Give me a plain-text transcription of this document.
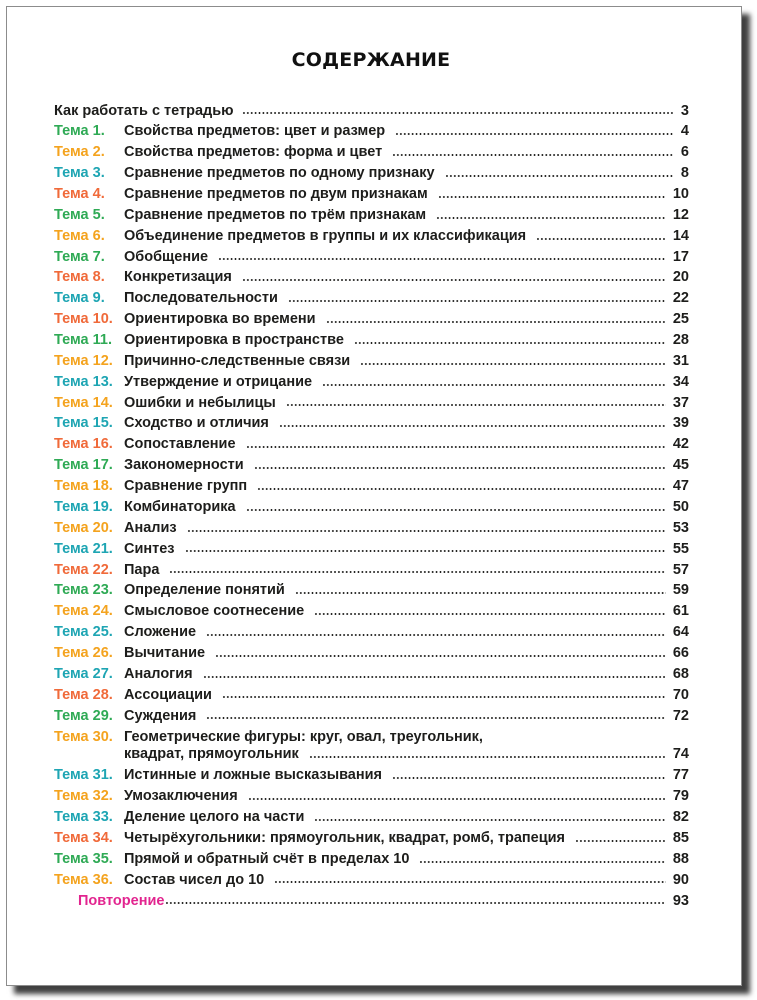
СОДЕРЖАНИЕ
Как работать с тетрадью	3
Тема 1.	Свойства предметов: цвет и размер	4
Тема 2.	Свойства предметов: форма и цвет	6
Тема 3.	Сравнение предметов по одному признаку	8
Тема 4.	Сравнение предметов по двум признакам	10
Тема 5.	Сравнение предметов по трём признакам	12
Тема 6.	Объединение предметов в группы и их классификация	14
Тема 7.	Обобщение	17
Тема 8.	Конкретизация	20
Тема 9.	Последовательности	22
Тема 10. Ориентировка во времени	25
Тема 11. Ориентировка в пространстве	28
Тема 12. Причинно-следственные связи	31
Тема 13. Утверждение и отрицание	34
Тема 14. Ошибки и небылицы	37
Тема 15. Сходство и отличия	39
Тема 16. Сопоставление	42
Тема 17. Закономерности	45
Тема 18. Сравнение групп	47
Тема 19. Комбинаторика	50
Тема 20. Анализ	53
Тема 21. Синтез	55
Тема 22. Пара	57
Тема 23. Определение понятий	59
Тема 24. Смысловое соотнесение	61
Тема 25. Сложение	64
Тема 26. Вычитание	66
Тема 27. Аналогия	68
Тема 28. Ассоциации	70
Тема 29. Суждения	72
Тема 30. Геометрические фигуры: круг, овал, треугольник,
квадрат, прямоугольник	74
Тема 31. Истинные и ложные высказывания	77
Тема 32. Умозаключения	79
Тема 33. Деление целого на части	82
Тема 34. Четырёхугольники: прямоугольник, квадрат, ромб, трапеция	85
Тема 35. Прямой и обратный счёт в пределах 10	88
Тема 36. Состав чисел до 10	90
Повторение	93
